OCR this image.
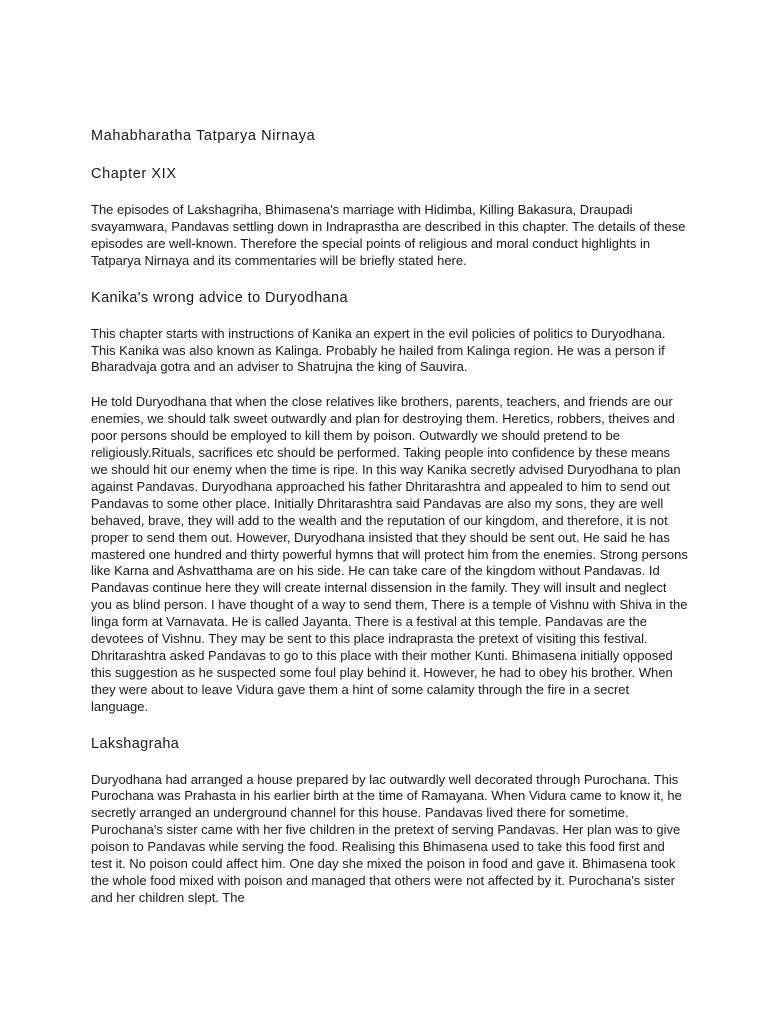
Mahabharatha Tatparya Nirnaya
Chapter XIX

The episodes of Lakshagriha, Bhimasena's marriage with Hidimba, Killing Bakasura, Draupadi svayamwara, Pandavas settling down in Indraprastha are described in this chapter. The details of these episodes are well-known. Therefore the special points of religious and moral conduct highlights in Tatparya Nirnaya and its commentaries will be briefly stated here.

Kanika's wrong advice to Duryodhana

This chapter starts with instructions of Kanika an expert in the evil policies of politics to Duryodhana. This Kanika was also known as Kalinga. Probably he hailed from Kalinga region. He was a person if Bharadvaja gotra and an adviser to Shatrujna the king of Sauvira.

He told Duryodhana that when the close relatives like brothers, parents, teachers, and friends are our enemies, we should talk sweet outwardly and plan for destroying them. Heretics, robbers, theives and poor persons should be employed to kill them by poison. Outwardly we should pretend to be religiously.Rituals, sacrifices etc should be performed. Taking people into confidence by these means we should hit our enemy when the time is ripe. In this way Kanika secretly advised Duryodhana to plan against Pandavas. Duryodhana approached his father Dhritarashtra and appealed to him to send out Pandavas to some other place. Initially Dhritarashtra said Pandavas are also my sons, they are well behaved, brave, they will add to the wealth and the reputation of our kingdom, and therefore, it is not proper to send them out. However, Duryodhana insisted that they should be sent out. He said he has mastered one hundred and thirty powerful hymns that will protect him from the enemies. Strong persons like Karna and Ashvatthama are on his side. He can take care of the kingdom without Pandavas. Id Pandavas continue here they will create internal dissension in the family. They will insult and neglect you as blind person. I have thought of a way to send them, There is a temple of Vishnu with Shiva in the linga form at Varnavata. He is called Jayanta. There is a festival at this temple. Pandavas are the devotees of Vishnu. They may be sent to this place indraprasta the pretext of visiting this festival. Dhritarashtra asked Pandavas to go to this place with their mother Kunti. Bhimasena initially opposed this suggestion as he suspected some foul play behind it. However, he had to obey his brother. When they were about to leave Vidura gave them a hint of some calamity through the fire in a secret language.

Lakshagraha

Duryodhana had arranged a house prepared by lac outwardly well decorated through Purochana. This Purochana was Prahasta in his earlier birth at the time of Ramayana. When Vidura came to know it, he secretly arranged an underground channel for this house. Pandavas lived there for sometime. Purochana's sister came with her five children in the pretext of serving Pandavas. Her plan was to give poison to Pandavas while serving the food. Realising this Bhimasena used to take this food first and test it. No poison could affect him. One day she mixed the poison in food and gave it. Bhimasena took the whole food mixed with poison and managed that others were not affected by it. Purochana's sister and her children slept. The
